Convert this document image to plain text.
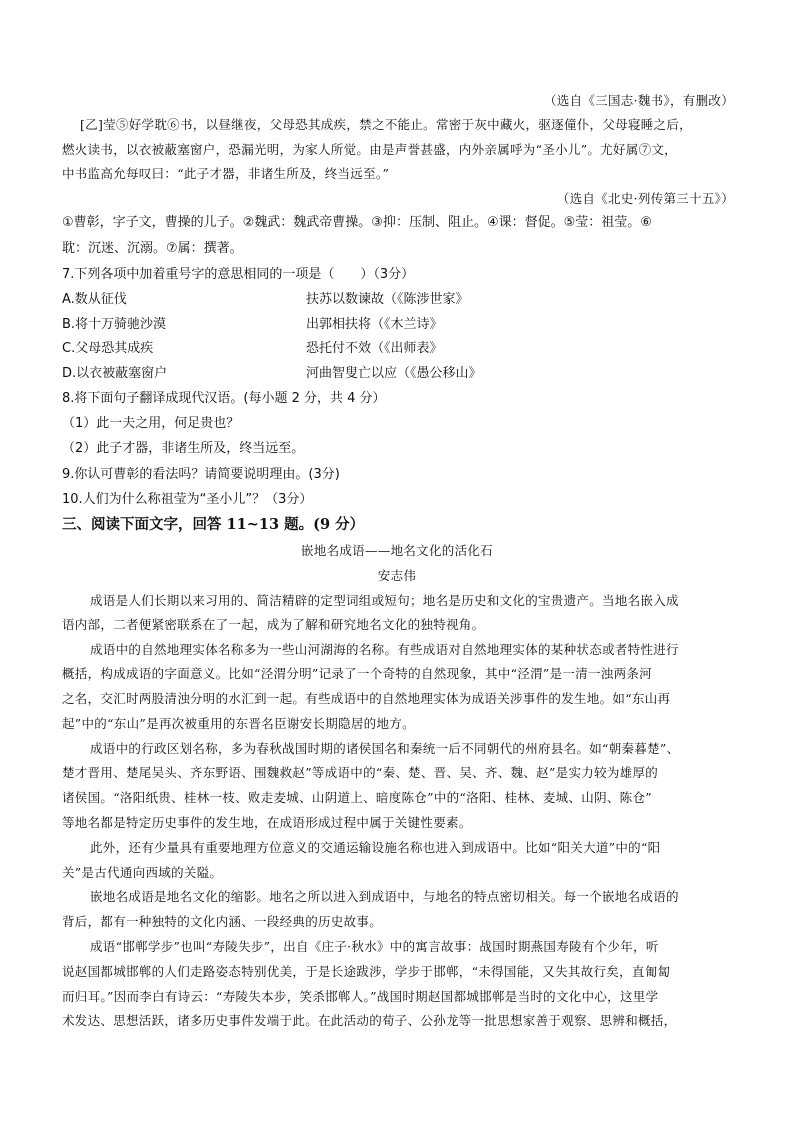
（选自《三国志·魏书》，有删改）
[乙]莹⑤好学耽⑥书，以昼继夜，父母恐其成疾，禁之不能止。常密于灰中藏火，驱逐僮仆，父母寝睡之后，
燃火读书，以衣被蔽塞窗户，恐漏光明，为家人所觉。由是声誉甚盛，内外亲属呼为“圣小儿”。尤好属⑦文，
中书监高允每叹曰：“此子才器，非诸生所及，终当远至。”
（选自《北史·列传第三十五》）
①曹彰，字子文，曹操的儿子。②魏武：魏武帝曹操。③抑：压制、阻止。④课：督促。⑤莹：祖莹。⑥
耽：沉迷、沉溺。⑦属：撰著。
7.下列各项中加着重号字的意思相同的一项是（　　）（3分）
A.数从征伐	扶苏以数谏故（《陈涉世家》
B.将十万骑驰沙漠	出郭相扶将（《木兰诗》
C.父母恐其成疾	恐托付不效（《出师表》
D.以衣被蔽塞窗户	河曲智叟亡以应（《愚公移山》
8.将下面句子翻译成现代汉语。(每小题 2 分，共 4 分）
（1）此一夫之用，何足贵也？
（2）此子才器，非诸生所及，终当远至。
9.你认可曹彰的看法吗？请简要说明理由。(3分)
10.人们为什么称祖莹为“圣小儿”？（3分）
三、阅读下面文字，回答 11~13 题。(9 分）
嵌地名成语——地名文化的活化石
安志伟
成语是人们长期以来习用的、简洁精辟的定型词组或短句；地名是历史和文化的宝贵遗产。当地名嵌入成
语内部，二者便紧密联系在了一起，成为了解和研究地名文化的独特视角。
成语中的自然地理实体名称多为一些山河湖海的名称。有些成语对自然地理实体的某种状态或者特性进行
概括，构成成语的字面意义。比如“泾渭分明”记录了一个奇特的自然现象，其中“泾渭”是一清一浊两条河
之名，交汇时两股清浊分明的水汇到一起。有些成语中的自然地理实体为成语关涉事件的发生地。如“东山再
起”中的“东山”是再次被重用的东晋名臣谢安长期隐居的地方。
成语中的行政区划名称，多为春秋战国时期的诸侯国名和秦统一后不同朝代的州府县名。如“朝秦暮楚”、
楚才晋用、楚尾吴头、齐东野语、围魏救赵”等成语中的“秦、楚、晋、吴、齐、魏、赵”是实力较为雄厚的
诸侯国。“洛阳纸贵、桂林一枝、败走麦城、山阴道上、暗度陈仓”中的“洛阳、桂林、麦城、山阴、陈仓”
等地名都是特定历史事件的发生地，在成语形成过程中属于关键性要素。
此外，还有少量具有重要地理方位意义的交通运输设施名称也进入到成语中。比如“阳关大道”中的“阳
关”是古代通向西域的关隘。
嵌地名成语是地名文化的缩影。地名之所以进入到成语中，与地名的特点密切相关。每一个嵌地名成语的
背后，都有一种独特的文化内涵、一段经典的历史故事。
成语“邯郸学步”也叫“寿陵失步”，出自《庄子·秋水》中的寓言故事：战国时期燕国寿陵有个少年，听
说赵国都城邯郸的人们走路姿态特别优美，于是长途跋涉，学步于邯郸，“未得国能，又失其故行矣，直匍匐
而归耳。”因而李白有诗云：“寿陵失本步，笑杀邯郸人。”战国时期赵国都城邯郸是当时的文化中心，这里学
术发达、思想活跃，诸多历史事件发端于此。在此活动的荀子、公孙龙等一批思想家善于观察、思辨和概括，
